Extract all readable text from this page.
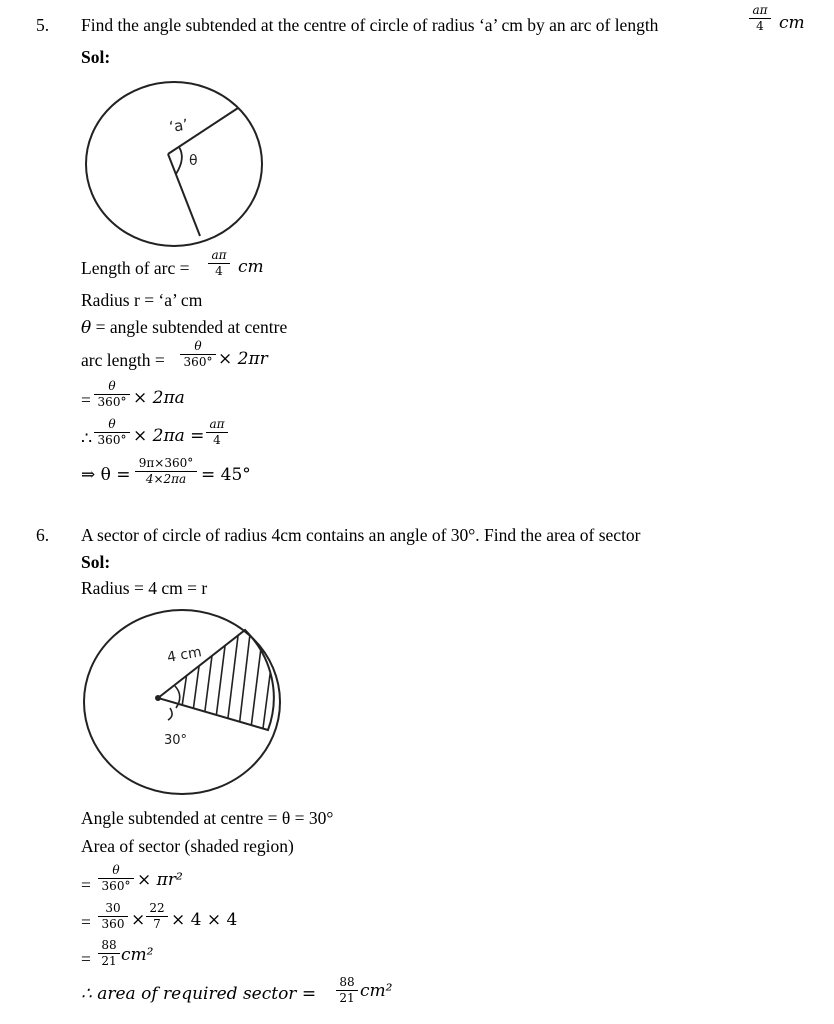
5. Find the angle subtended at the centre of circle of radius ‘a’ cm by an arc of length
aπ
4 cm
Sol:
‘a’
θ
Length of arc =
aπ
4 cm
Radius r = ‘a’ cm
θ = angle subtended at centre
arc length =
θ
360° × 2πr
=
θ
360° × 2πa
∴
θ
360° × 2πa =
aπ
4
⇒ θ =
9π×360°
4×2πa = 45°
6. A sector of circle of radius 4cm contains an angle of 30°. Find the area of sector
Sol:
Radius = 4 cm = r
4 cm
30°
Angle subtended at centre = θ = 30°
Area of sector (shaded region)
=
θ
360° × πr²
=
30
360 ×
22
7 × 4 × 4
=
88
21 cm²
∴ area of required sector =
88
21 cm²
